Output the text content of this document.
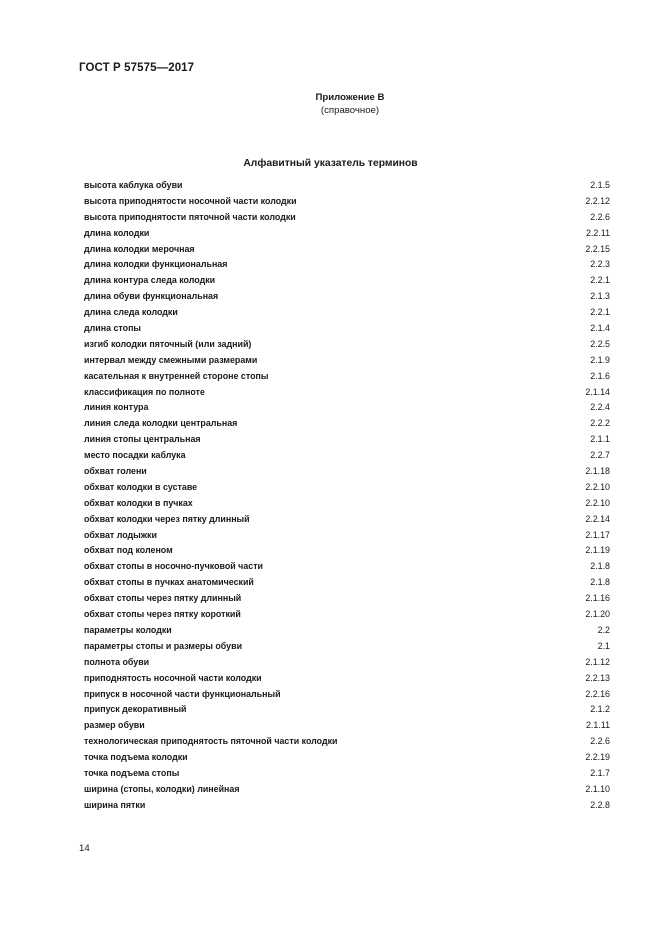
ГОСТ Р 57575—2017
Приложение В
(справочное)
Алфавитный указатель терминов
высота каблука обуви	2.1.5
высота приподнятости носочной части колодки	2.2.12
высота приподнятости пяточной части колодки	2.2.6
длина колодки	2.2.11
длина колодки мерочная	2.2.15
длина колодки функциональная	2.2.3
длина контура следа колодки	2.2.1
длина обуви функциональная	2.1.3
длина следа колодки	2.2.1
длина стопы	2.1.4
изгиб колодки пяточный (или задний)	2.2.5
интервал между смежными размерами	2.1.9
касательная к внутренней стороне стопы	2.1.6
классификация по полноте	2.1.14
линия контура	2.2.4
линия следа колодки центральная	2.2.2
линия стопы центральная	2.1.1
место посадки каблука	2.2.7
обхват голени	2.1.18
обхват колодки в суставе	2.2.10
обхват колодки в пучках	2.2.10
обхват колодки через пятку длинный	2.2.14
обхват лодыжки	2.1.17
обхват под коленом	2.1.19
обхват стопы в носочно-пучковой части	2.1.8
обхват стопы в пучках анатомический	2.1.8
обхват стопы через пятку длинный	2.1.16
обхват стопы через пятку короткий	2.1.20
параметры колодки	2.2
параметры стопы и размеры обуви	2.1
полнота обуви	2.1.12
приподнятость носочной части колодки	2.2.13
припуск в носочной части функциональный	2.2.16
припуск декоративный	2.1.2
размер обуви	2.1.11
технологическая приподнятость пяточной части колодки	2.2.6
точка подъема колодки	2.2.19
точка подъема стопы	2.1.7
ширина (стопы, колодки) линейная	2.1.10
ширина пятки	2.2.8
14
